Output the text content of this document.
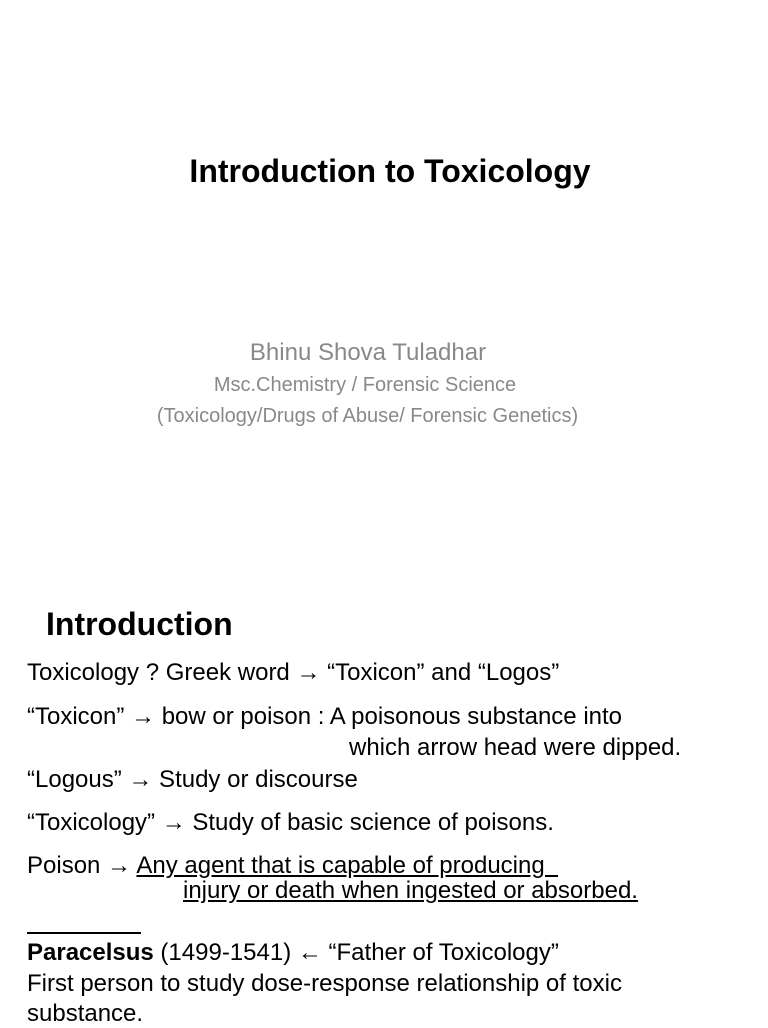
Introduction to Toxicology
Bhinu Shova Tuladhar
Msc.Chemistry / Forensic Science
(Toxicology/Drugs of Abuse/ Forensic Genetics)
Introduction
Toxicology ? Greek word → “Toxicon” and “Logos”
“Toxicon” → bow or poison : A poisonous substance into
which arrow head were dipped.
“Logous” → Study or discourse
“Toxicology” → Study of basic science of poisons.
Poison → Any agent that is capable of producing
injury or death when ingested or absorbed.
Paracelsus (1499-1541) ← “Father of Toxicology”
First person to study dose-response relationship of toxic
substance.
